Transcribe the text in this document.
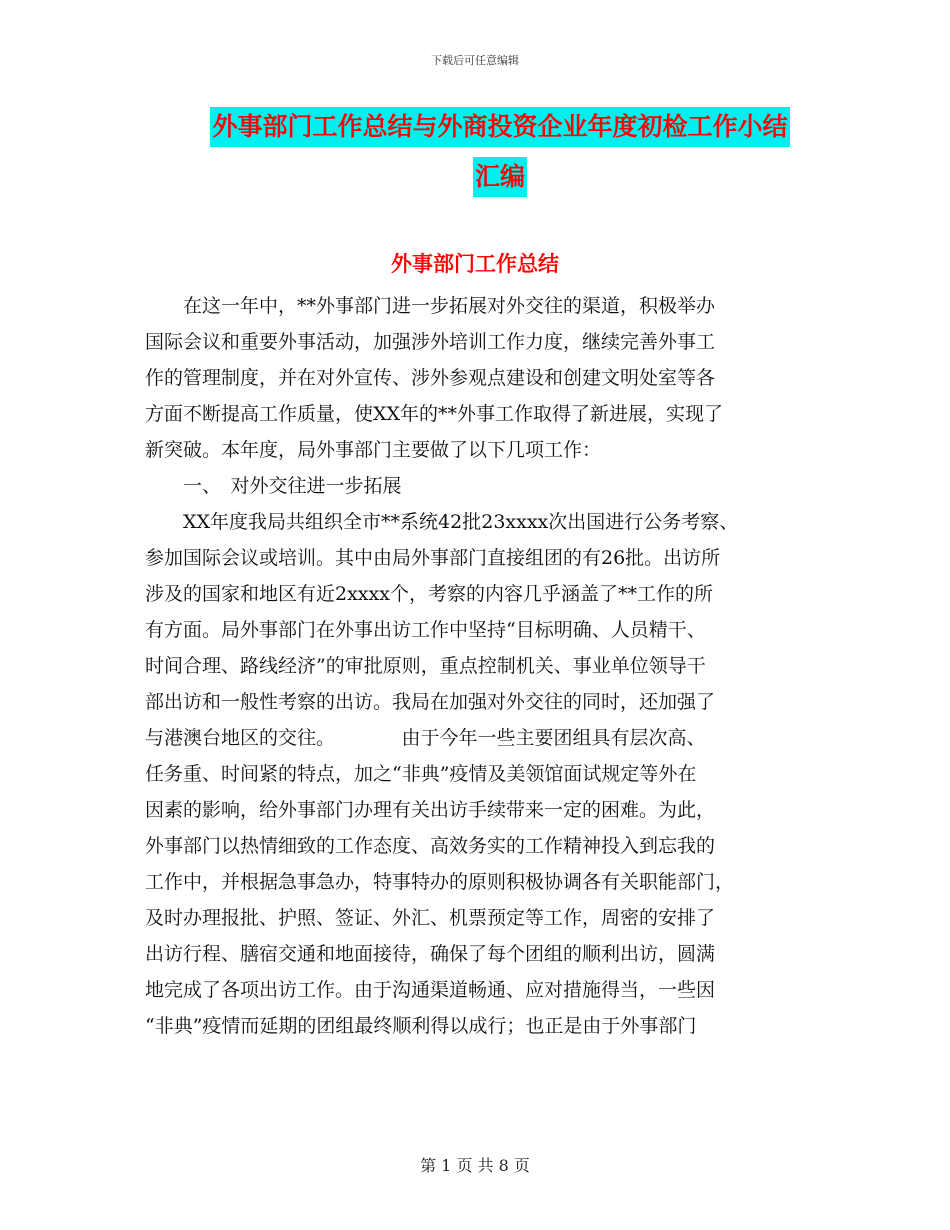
下载后可任意编辑
外事部门工作总结与外商投资企业年度初检工作小结
汇编
外事部门工作总结
　　在这一年中，**外事部门进一步拓展对外交往的渠道，积极举办
国际会议和重要外事活动，加强涉外培训工作力度，继续完善外事工
作的管理制度，并在对外宣传、涉外参观点建设和创建文明处室等各
方面不断提高工作质量，使XX年的**外事工作取得了新进展，实现了
新突破。本年度，局外事部门主要做了以下几项工作：
　　一、　对外交往进一步拓展
　　XX年度我局共组织全市**系统42批23xxxx次出国进行公务考察、
参加国际会议或培训。其中由局外事部门直接组团的有26批。出访所
涉及的国家和地区有近2xxxx个，考察的内容几乎涵盖了**工作的所
有方面。局外事部门在外事出访工作中坚持“目标明确、人员精干、
时间合理、路线经济”的审批原则，重点控制机关、事业单位领导干
部出访和一般性考察的出访。我局在加强对外交往的同时，还加强了
与港澳台地区的交往。　　　　由于今年一些主要团组具有层次高、
任务重、时间紧的特点，加之“非典”疫情及美领馆面试规定等外在
因素的影响，给外事部门办理有关出访手续带来一定的困难。为此，
外事部门以热情细致的工作态度、高效务实的工作精神投入到忘我的
工作中，并根据急事急办，特事特办的原则积极协调各有关职能部门，
及时办理报批、护照、签证、外汇、机票预定等工作，周密的安排了
出访行程、膳宿交通和地面接待，确保了每个团组的顺利出访，圆满
地完成了各项出访工作。由于沟通渠道畅通、应对措施得当，一些因
“非典”疫情而延期的团组最终顺利得以成行；也正是由于外事部门
第 1 页 共 8 页
